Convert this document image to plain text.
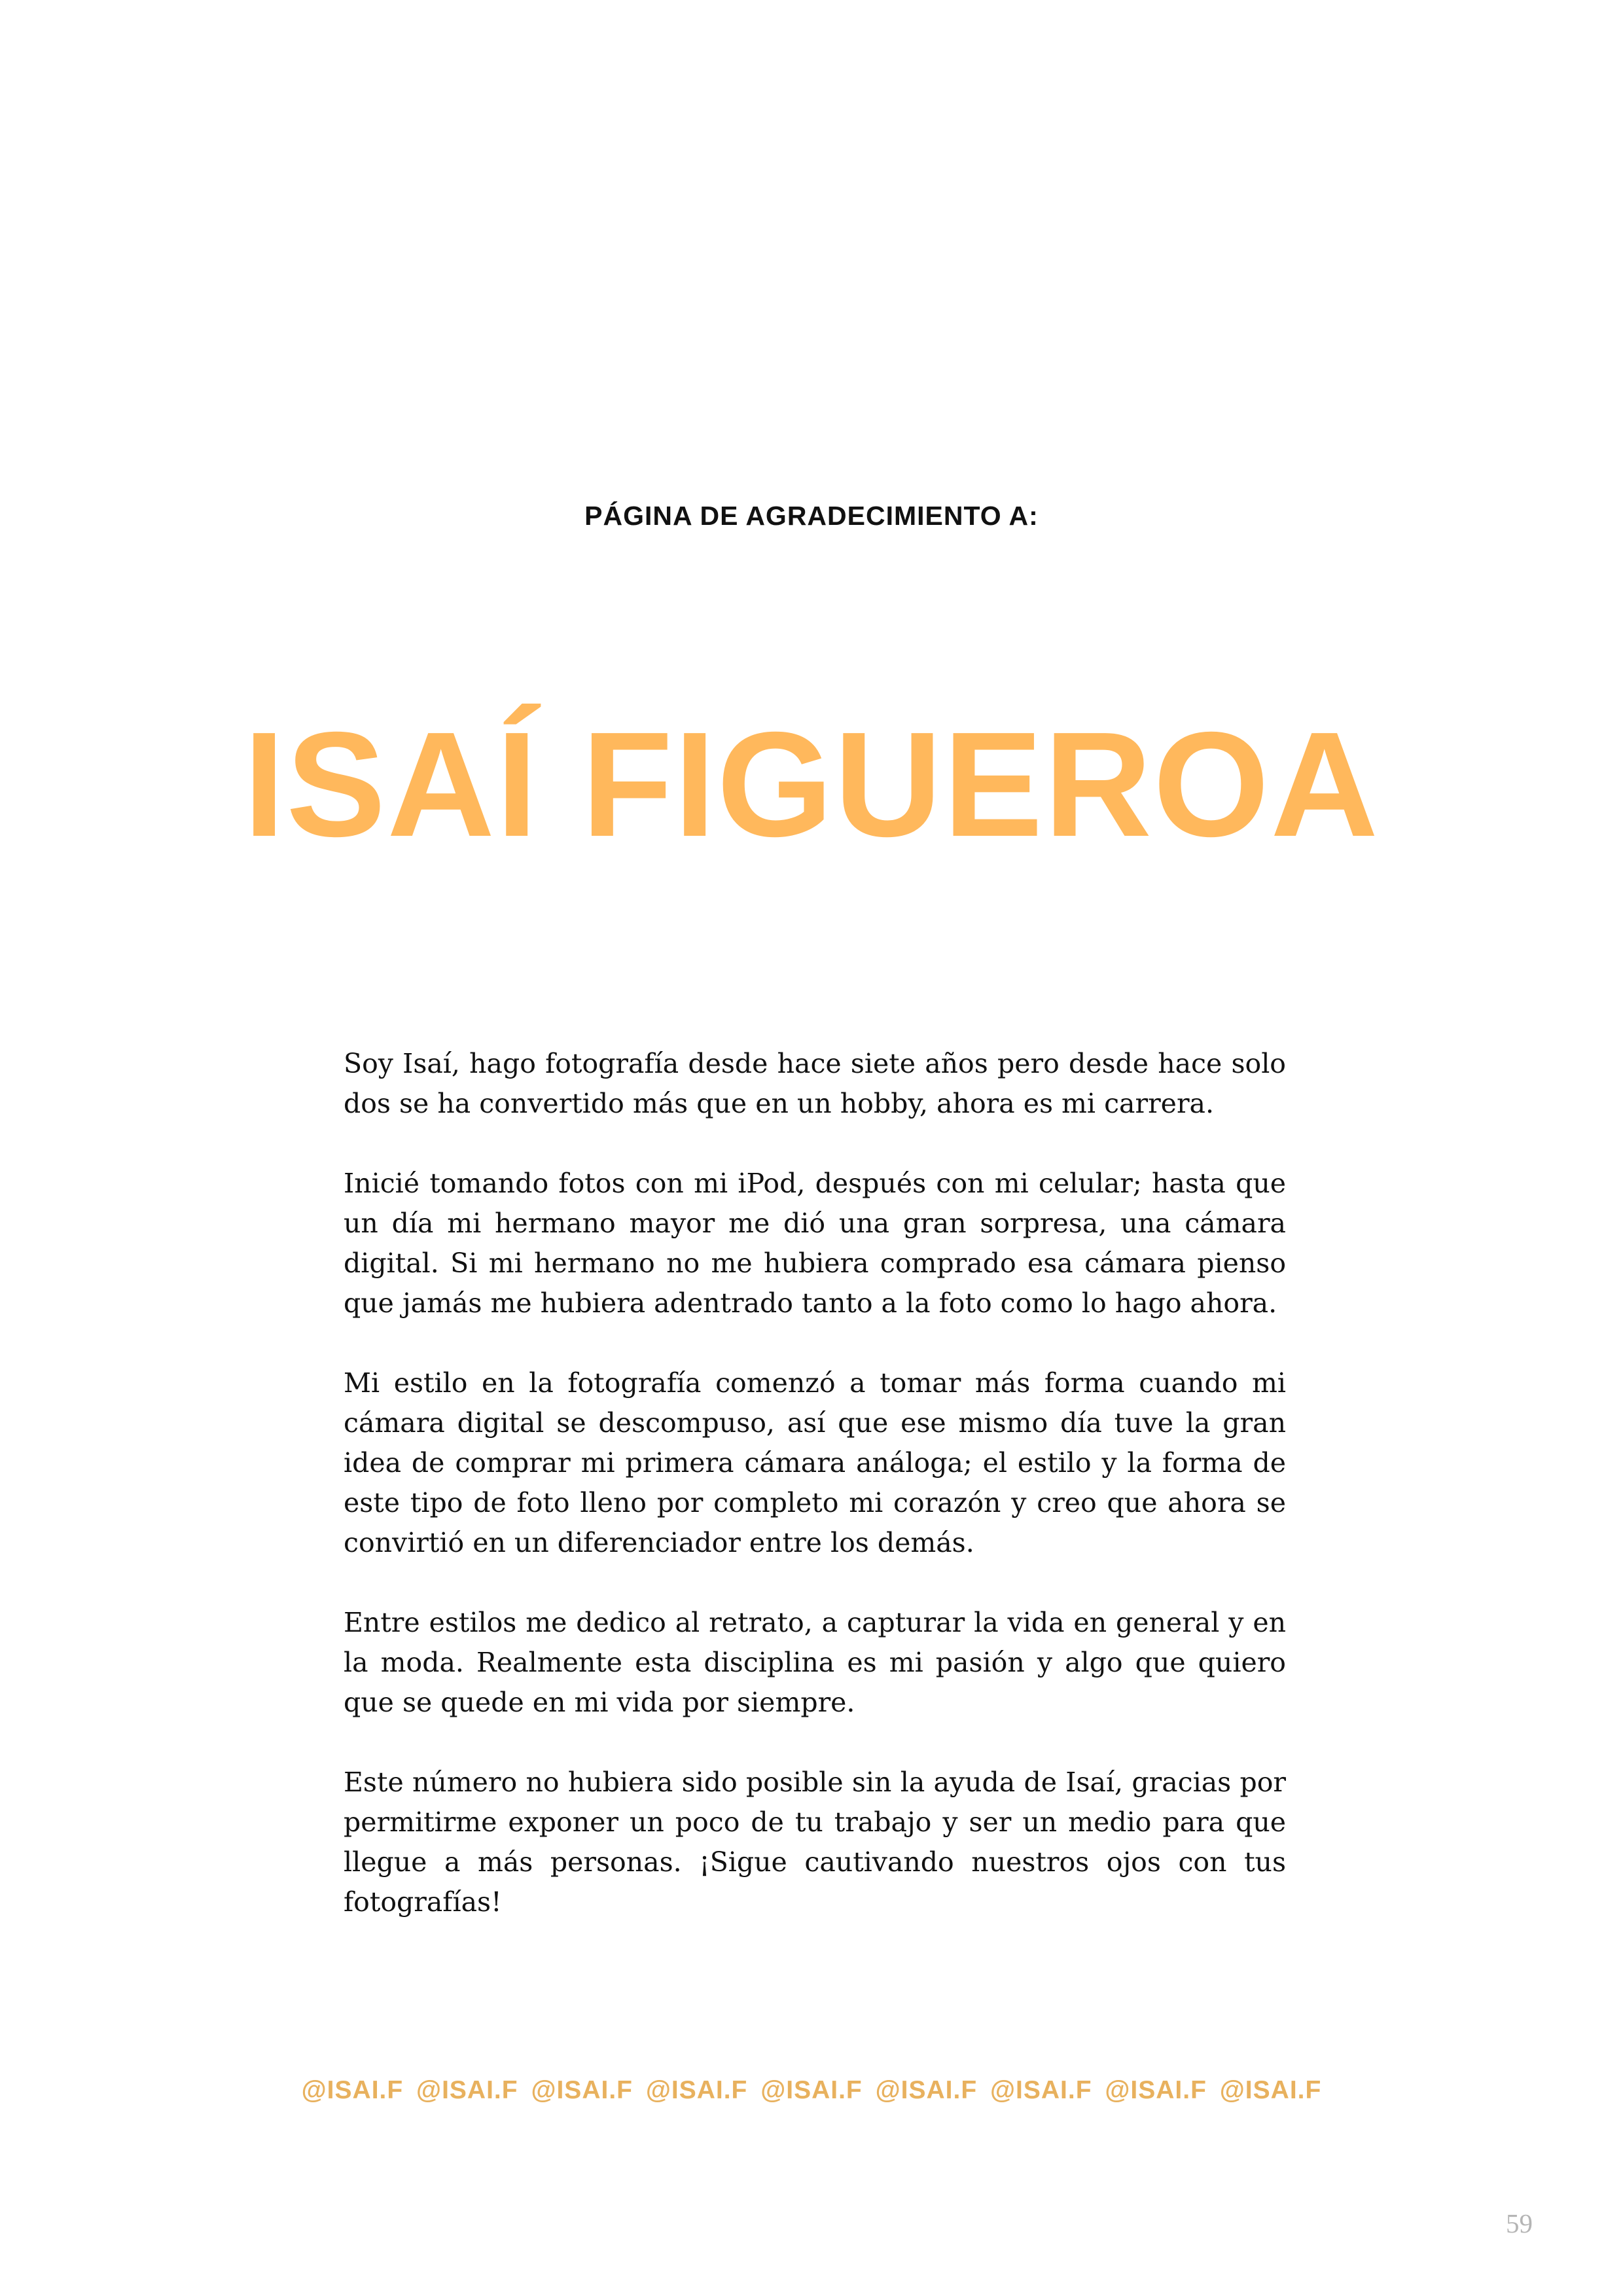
PÁGINA DE AGRADECIMIENTO A:

ISAÍ FIGUEROA

Soy Isaí, hago fotografía desde hace siete años pero desde hace solo dos se ha convertido más que en un hobby, ahora es mi carrera.

Inicié tomando fotos con mi iPod, después con mi celular; hasta que un día mi hermano mayor me dió una gran sorpresa, una cámara digital. Si mi hermano no me hubiera comprado esa cámara pienso que jamás me hubiera adentrado tanto a la foto como lo hago ahora.

Mi estilo en la fotografía comenzó a tomar más forma cuando mi cámara digital se descompuso, así que ese mismo día tuve la gran idea de comprar mi primera cámara análoga; el estilo y la forma de este tipo de foto lleno por completo mi corazón y creo que ahora se convirtió en un diferenciador entre los demás.

Entre estilos me dedico al retrato, a capturar la vida en general y en la moda. Realmente esta disciplina es mi pasión y algo que quiero que se quede en mi vida por siempre.

Este número no hubiera sido posible sin la ayuda de Isaí, gracias por permitirme exponer un poco de tu trabajo y ser un medio para que llegue a más personas. ¡Sigue cautivando nuestros ojos con tus fotografías!

@ISAI.F @ISAI.F @ISAI.F @ISAI.F @ISAI.F @ISAI.F @ISAI.F @ISAI.F @ISAI.F

59
